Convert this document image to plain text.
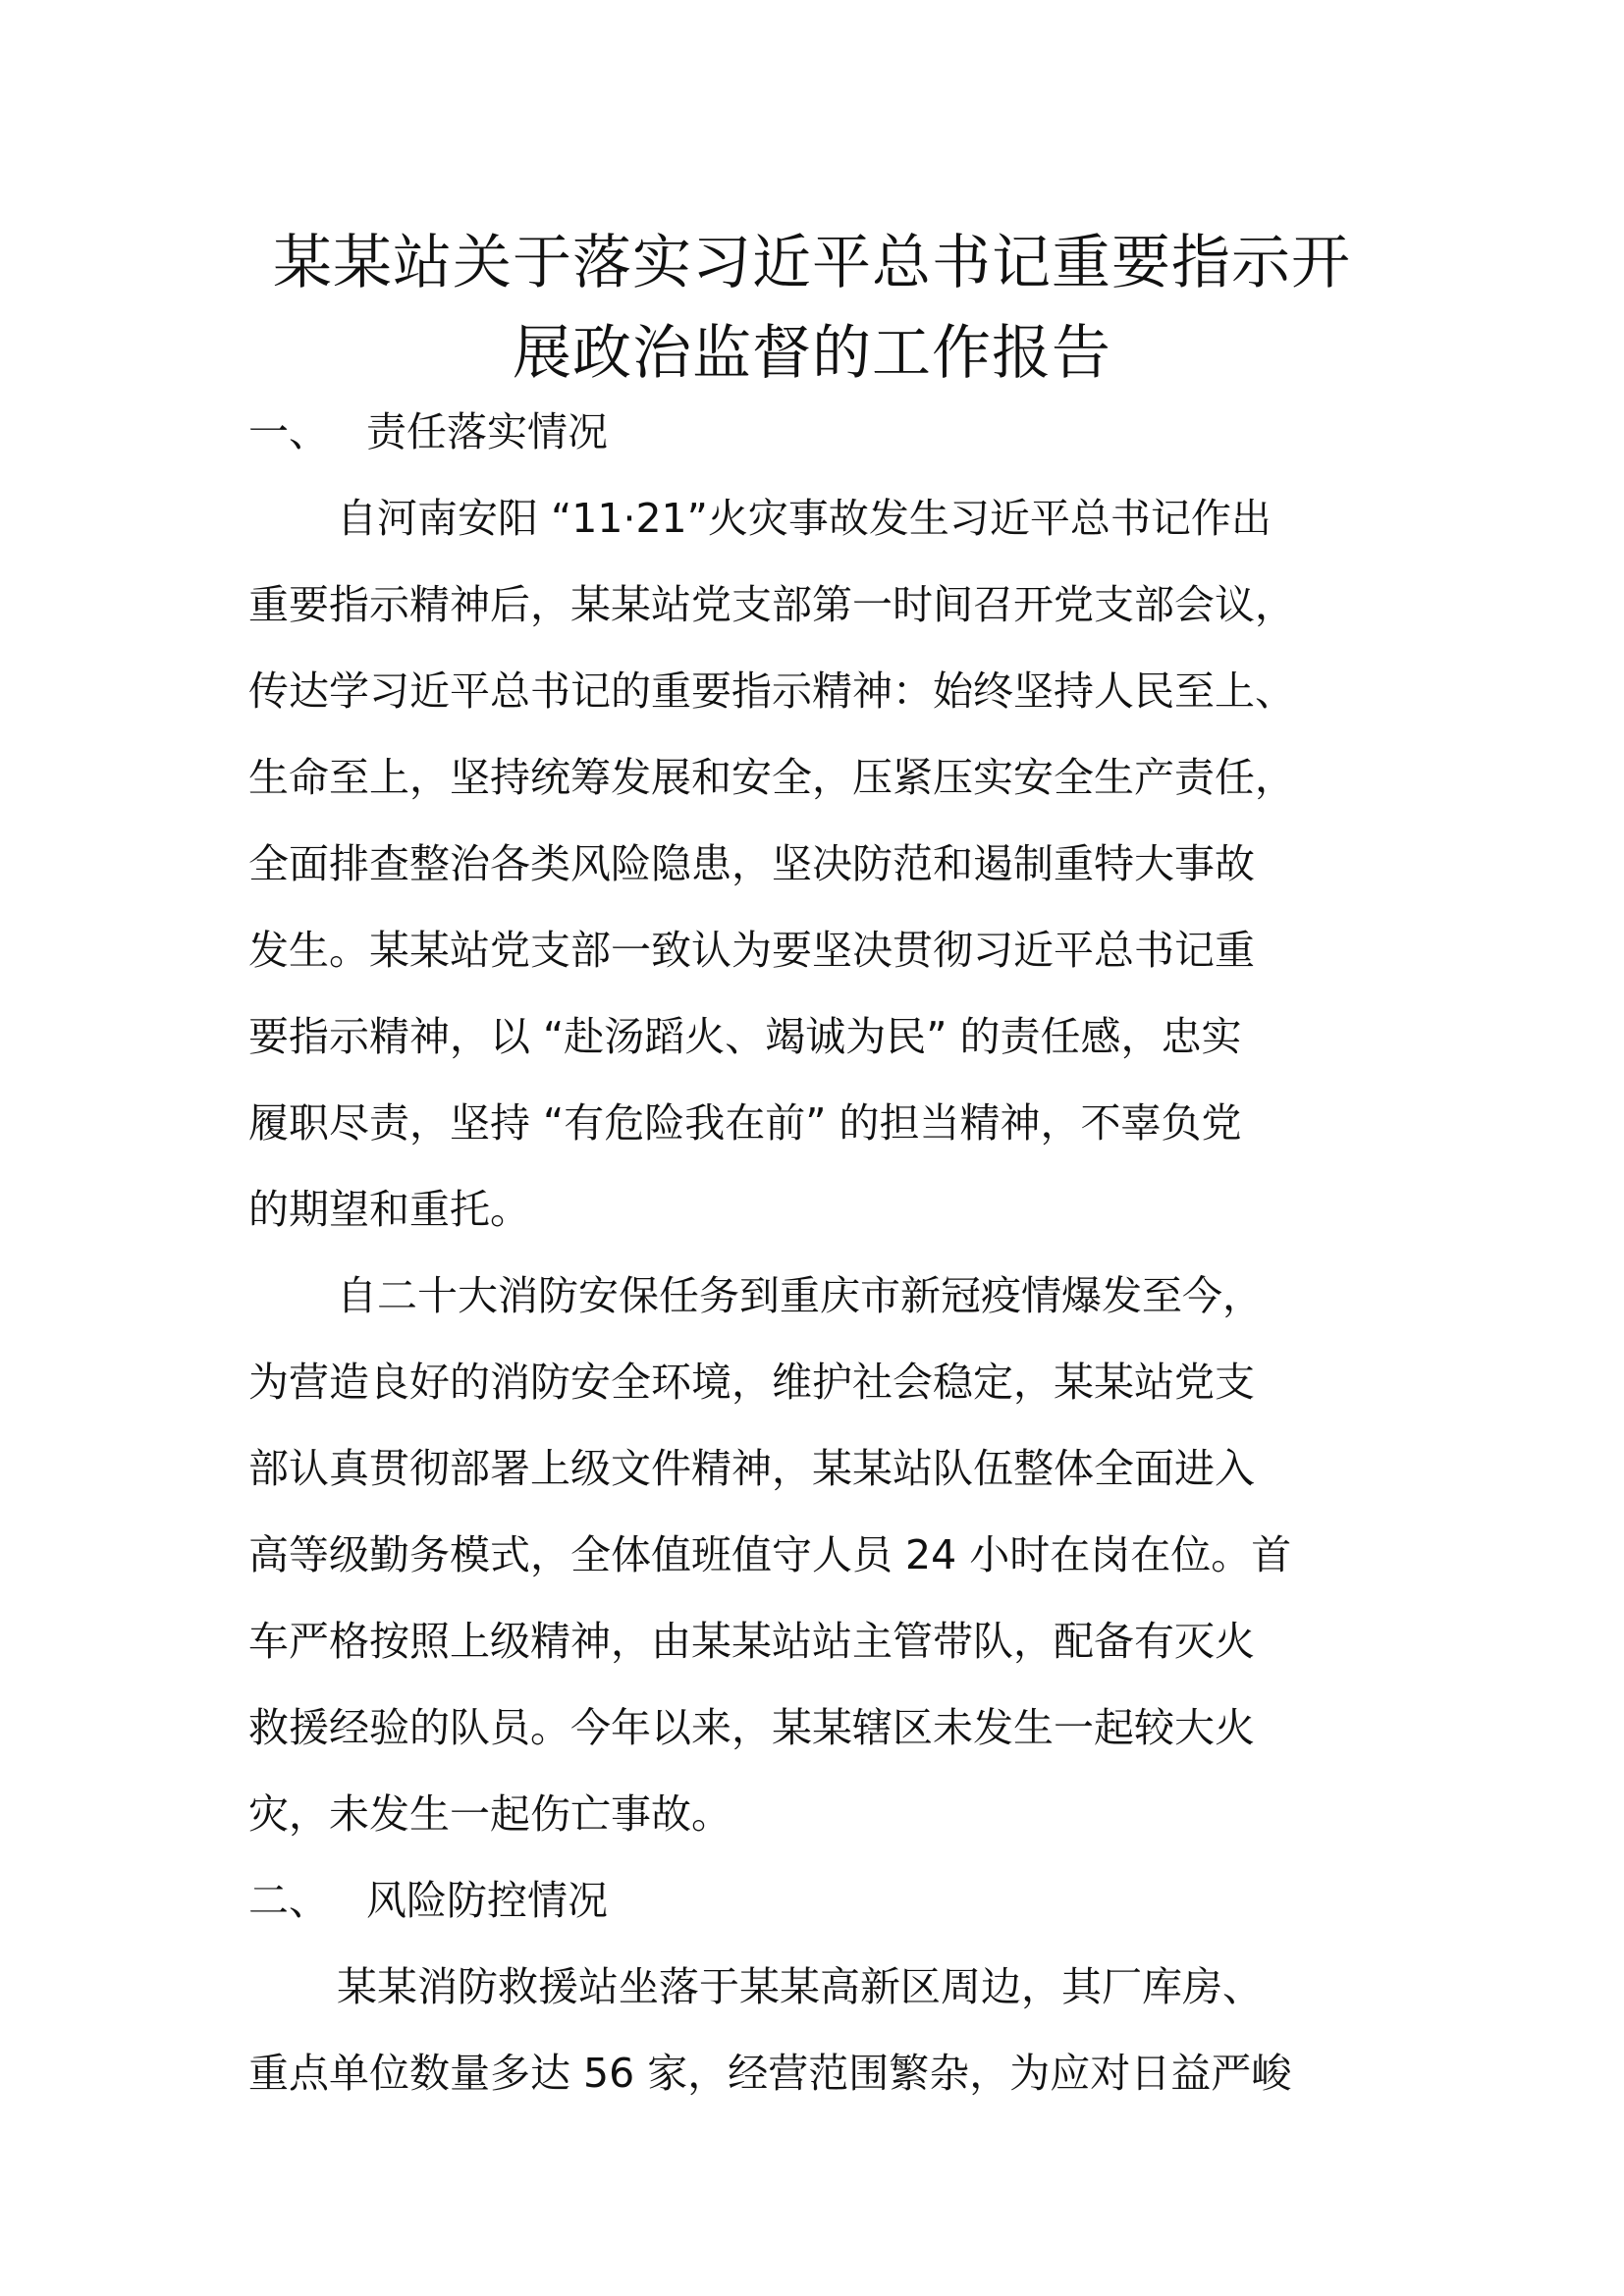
某某站关于落实习近平总书记重要指示开
展政治监督的工作报告
一、 责任落实情况
自河南安阳 “11·21”火灾事故发生习近平总书记作出
重要指示精神后，某某站党支部第一时间召开党支部会议，
传达学习近平总书记的重要指示精神：始终坚持人民至上、
生命至上，坚持统筹发展和安全，压紧压实安全生产责任，
全面排查整治各类风险隐患，坚决防范和遏制重特大事故
发生。某某站党支部一致认为要坚决贯彻习近平总书记重
要指示精神，以 “赴汤蹈火、竭诚为民” 的责任感，忠实
履职尽责，坚持 “有危险我在前” 的担当精神，不辜负党
的期望和重托。
自二十大消防安保任务到重庆市新冠疫情爆发至今，
为营造良好的消防安全环境，维护社会稳定，某某站党支
部认真贯彻部署上级文件精神，某某站队伍整体全面进入
高等级勤务模式，全体值班值守人员 24 小时在岗在位。首
车严格按照上级精神，由某某站站主管带队，配备有灭火
救援经验的队员。今年以来，某某辖区未发生一起较大火
灾，未发生一起伤亡事故。
二、 风险防控情况
某某消防救援站坐落于某某高新区周边，其厂库房、
重点单位数量多达 56 家，经营范围繁杂，为应对日益严峻
